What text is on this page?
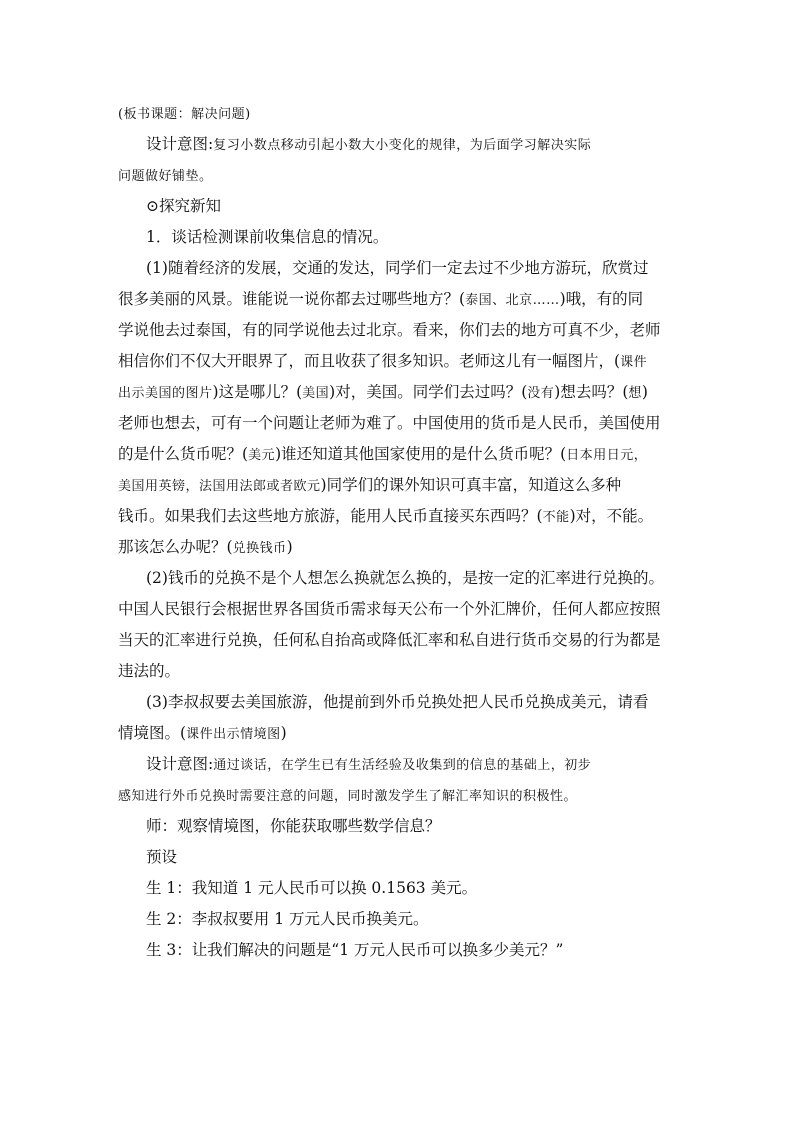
(板书课题：解决问题)
设计意图:复习小数点移动引起小数大小变化的规律，为后面学习解决实际
问题做好铺垫。
⊙探究新知
1．谈话检测课前收集信息的情况。
(1)随着经济的发展，交通的发达，同学们一定去过不少地方游玩，欣赏过
很多美丽的风景。谁能说一说你都去过哪些地方？(泰国、北京……)哦，有的同
学说他去过泰国，有的同学说他去过北京。看来，你们去的地方可真不少，老师
相信你们不仅大开眼界了，而且收获了很多知识。老师这儿有一幅图片，(课件
出示美国的图片)这是哪儿？(美国)对，美国。同学们去过吗？(没有)想去吗？(想)
老师也想去，可有一个问题让老师为难了。中国使用的货币是人民币，美国使用
的是什么货币呢？(美元)谁还知道其他国家使用的是什么货币呢？(日本用日元，
美国用英镑，法国用法郎或者欧元)同学们的课外知识可真丰富，知道这么多种
钱币。如果我们去这些地方旅游，能用人民币直接买东西吗？(不能)对，不能。
那该怎么办呢？(兑换钱币)
(2)钱币的兑换不是个人想怎么换就怎么换的，是按一定的汇率进行兑换的。
中国人民银行会根据世界各国货币需求每天公布一个外汇牌价，任何人都应按照
当天的汇率进行兑换，任何私自抬高或降低汇率和私自进行货币交易的行为都是
违法的。
(3)李叔叔要去美国旅游，他提前到外币兑换处把人民币兑换成美元，请看
情境图。(课件出示情境图)
设计意图:通过谈话，在学生已有生活经验及收集到的信息的基础上，初步
感知进行外币兑换时需要注意的问题，同时激发学生了解汇率知识的积极性。
师：观察情境图，你能获取哪些数学信息？
预设
生 1：我知道 1 元人民币可以换 0.1563 美元。
生 2：李叔叔要用 1 万元人民币换美元。
生 3：让我们解决的问题是“1 万元人民币可以换多少美元？”
